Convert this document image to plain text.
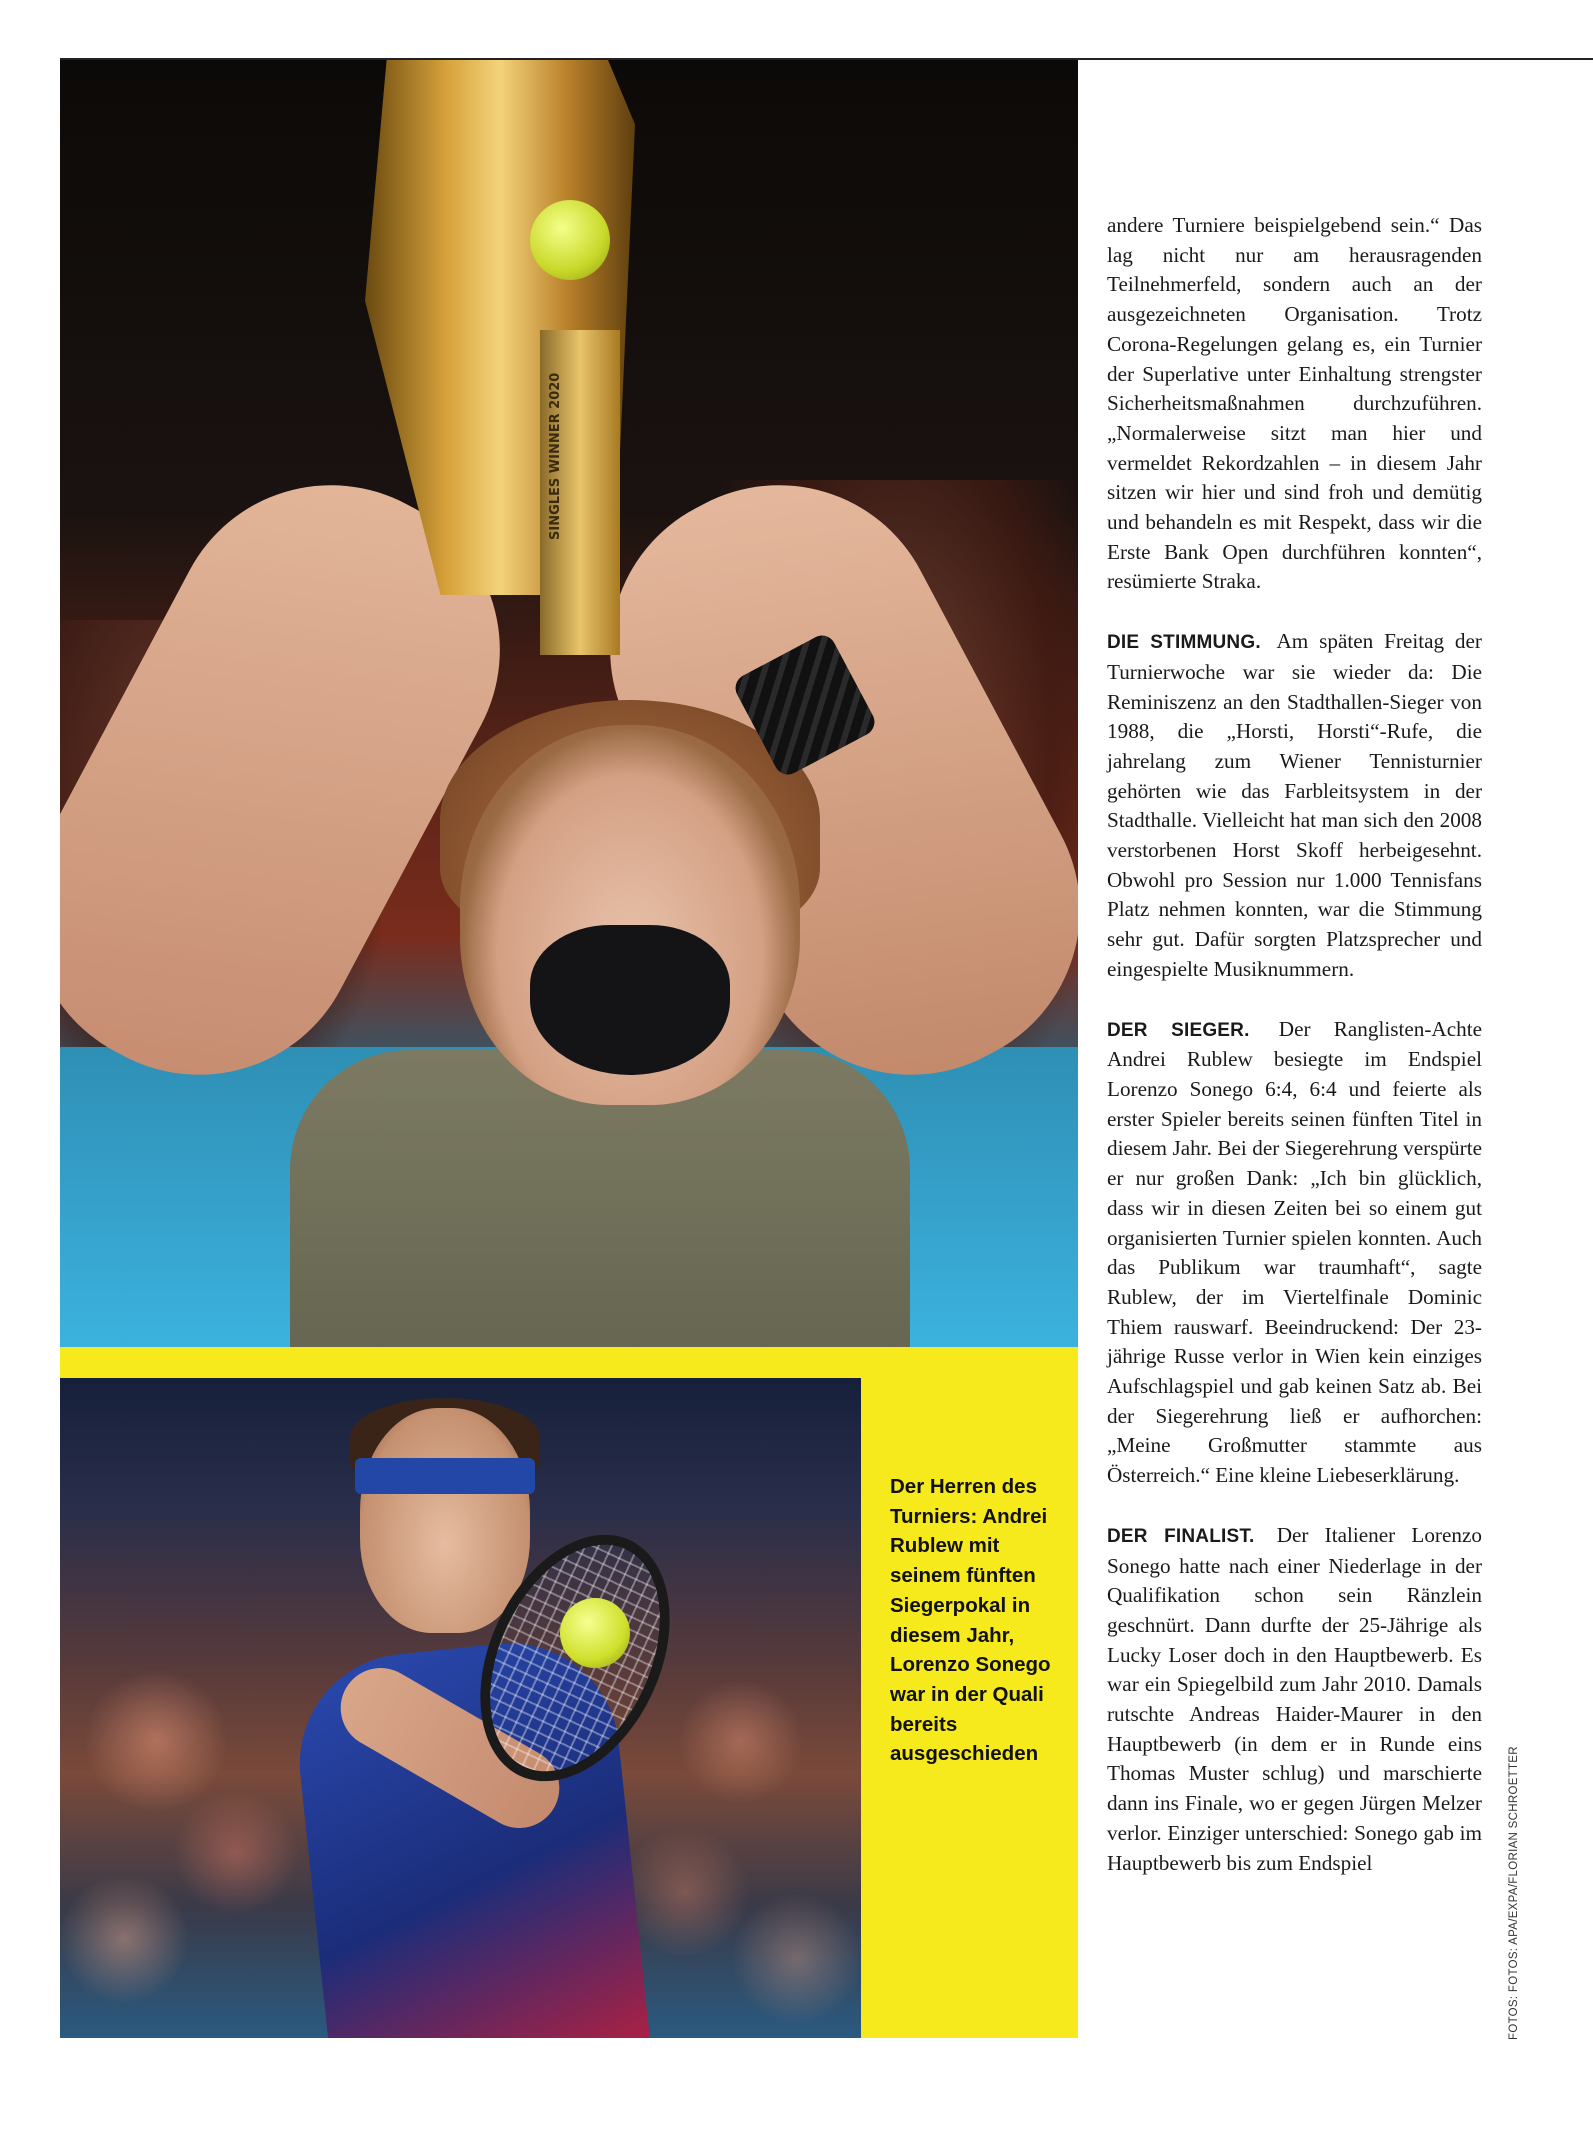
SINGLES WINNER 2020
Der Herren des
Turniers: Andrei
Rublew mit
seinem fünften
Siegerpokal in
diesem Jahr,
Lorenzo Sonego
war in der Quali
bereits
ausgeschieden

andere Turniere beispielgebend sein.“ Das lag nicht nur am herausragenden Teilnehmerfeld, sondern auch an der ausgezeichneten Organisation. Trotz Corona-Regelungen gelang es, ein Turnier der Superlative unter Einhaltung strengster Sicherheitsmaßnahmen durchzuführen. „Normalerweise sitzt man hier und vermeldet Rekordzahlen – in diesem Jahr sitzen wir hier und sind froh und demütig und behandeln es mit Respekt, dass wir die Erste Bank Open durchführen konnten“, resümierte Straka.

DIE STIMMUNG. Am späten Freitag der Turnierwoche war sie wieder da: Die Reminiszenz an den Stadthallen-Sieger von 1988, die „Horsti, Horsti“-Rufe, die jahrelang zum Wiener Tennisturnier gehörten wie das Farbleitsystem in der Stadthalle. Vielleicht hat man sich den 2008 verstorbenen Horst Skoff herbeigesehnt. Obwohl pro Session nur 1.000 Tennisfans Platz nehmen konnten, war die Stimmung sehr gut. Dafür sorgten Platzsprecher und eingespielte Musiknummern.

DER SIEGER. Der Ranglisten-Achte Andrei Rublew besiegte im Endspiel Lorenzo Sonego 6:4, 6:4 und feierte als erster Spieler bereits seinen fünften Titel in diesem Jahr. Bei der Siegerehrung verspürte er nur großen Dank: „Ich bin glücklich, dass wir in diesen Zeiten bei so einem gut organisierten Turnier spielen konnten. Auch das Publikum war traumhaft“, sagte Rublew, der im Viertelfinale Dominic Thiem rauswarf. Beeindruckend: Der 23-jährige Russe verlor in Wien kein einziges Aufschlagspiel und gab keinen Satz ab. Bei der Siegerehrung ließ er aufhorchen: „Meine Großmutter stammte aus Österreich.“ Eine kleine Liebeserklärung.

DER FINALIST. Der Italiener Lorenzo Sonego hatte nach einer Niederlage in der Qualifikation schon sein Ränzlein geschnürt. Dann durfte der 25-Jährige als Lucky Loser doch in den Hauptbewerb. Es war ein Spiegelbild zum Jahr 2010. Damals rutschte Andreas Haider-Maurer in den Hauptbewerb (in dem er in Runde eins Thomas Muster schlug) und marschierte dann ins Finale, wo er gegen Jürgen Melzer verlor. Einziger unterschied: Sonego gab im Hauptbewerb bis zum Endspiel	FOTOS: FOTOS: APA/EXPA/FLORIAN SCHROETTER
